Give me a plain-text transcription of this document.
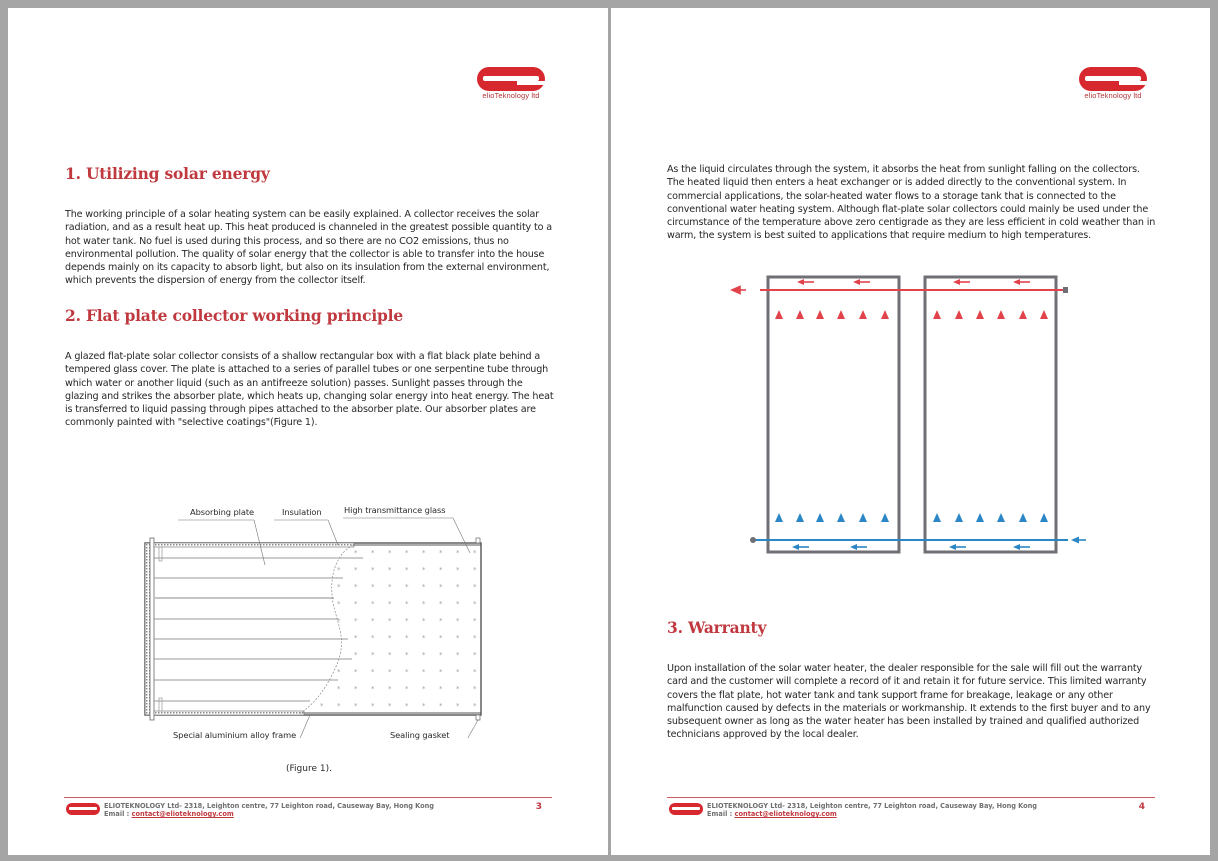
elioTeknology ltd
1. Utilizing solar energy

The working principle of a solar heating system can be easily explained. A collector receives the solar radiation, and as a result heat up. This heat produced is channeled in the greatest possible quantity to a hot water tank. No fuel is used during this process, and so there are no CO2 emissions, thus no environmental pollution. The quality of solar energy that the collector is able to transfer into the house depends mainly on its capacity to absorb light, but also on its insulation from the external environment, which prevents the dispersion of energy from the collector itself.

2. Flat plate collector working principle

A glazed flat-plate solar collector consists of a shallow rectangular box with a flat black plate behind a tempered glass cover. The plate is attached to a series of parallel tubes or one serpentine tube through which water or another liquid (such as an antifreeze solution) passes. Sunlight passes through the glazing and strikes the absorber plate, which heats up, changing solar energy into heat energy. The heat is transferred to liquid passing through pipes attached to the absorber plate. Our absorber plates are commonly painted with "selective coatings"(Figure 1).

Absorbing plate	Insulation	High transmittance glass
Special aluminium alloy frame	Sealing gasket
(Figure 1).
ELIOTEKNOLOGY Ltd- 2318, Leighton centre, 77 Leighton road, Causeway Bay, Hong Kong
Email : contact@elioteknology.com
3
elioTeknology ltd

As the liquid circulates through the system, it absorbs the heat from sunlight falling on the collectors. The heated liquid then enters a heat exchanger or is added directly to the conventional system. In commercial applications, the solar-heated water flows to a storage tank that is connected to the conventional water heating system. Although flat-plate solar collectors could mainly be used under the circumstance of the temperature above zero centigrade as they are less efficient in cold weather than in warm, the system is best suited to applications that require medium to high temperatures.

3. Warranty

Upon installation of the solar water heater, the dealer responsible for the sale will fill out the warranty card and the customer will complete a record of it and retain it for future service. This limited warranty covers the flat plate, hot water tank and tank support frame for breakage, leakage or any other malfunction caused by defects in the materials or workmanship. It extends to the first buyer and to any subsequent owner as long as the water heater has been installed by trained and qualified authorized technicians approved by the local dealer.

ELIOTEKNOLOGY Ltd- 2318, Leighton centre, 77 Leighton road, Causeway Bay, Hong Kong
Email : contact@elioteknology.com
4
